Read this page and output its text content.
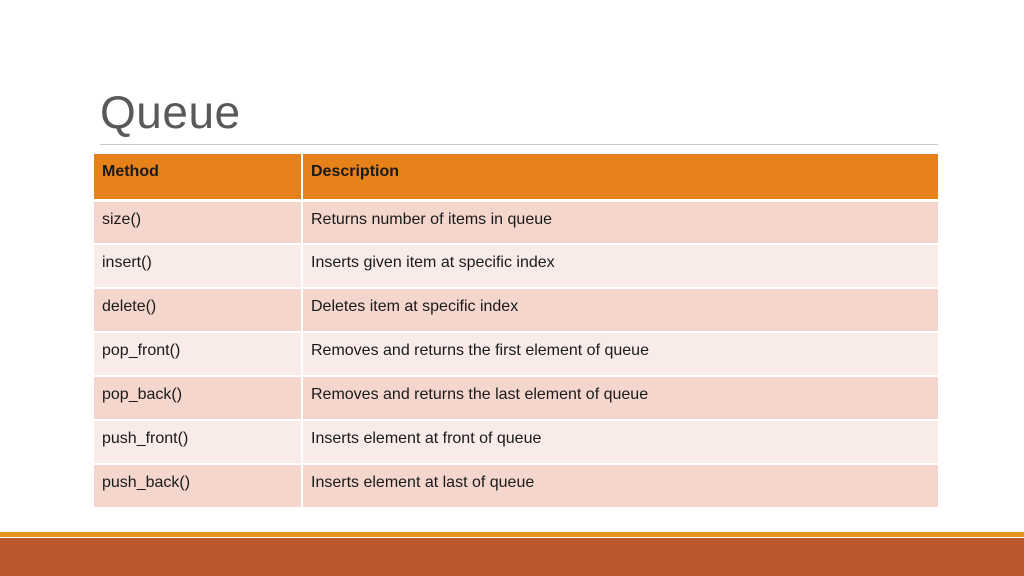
Queue
Method	Description
size()	Returns number of items in queue
insert()	Inserts given item at specific index
delete()	Deletes item at specific index
pop_front()	Removes and returns the first element of queue
pop_back()	Removes and returns the last element of queue
push_front()	Inserts element at front of queue
push_back()	Inserts element at last of queue
